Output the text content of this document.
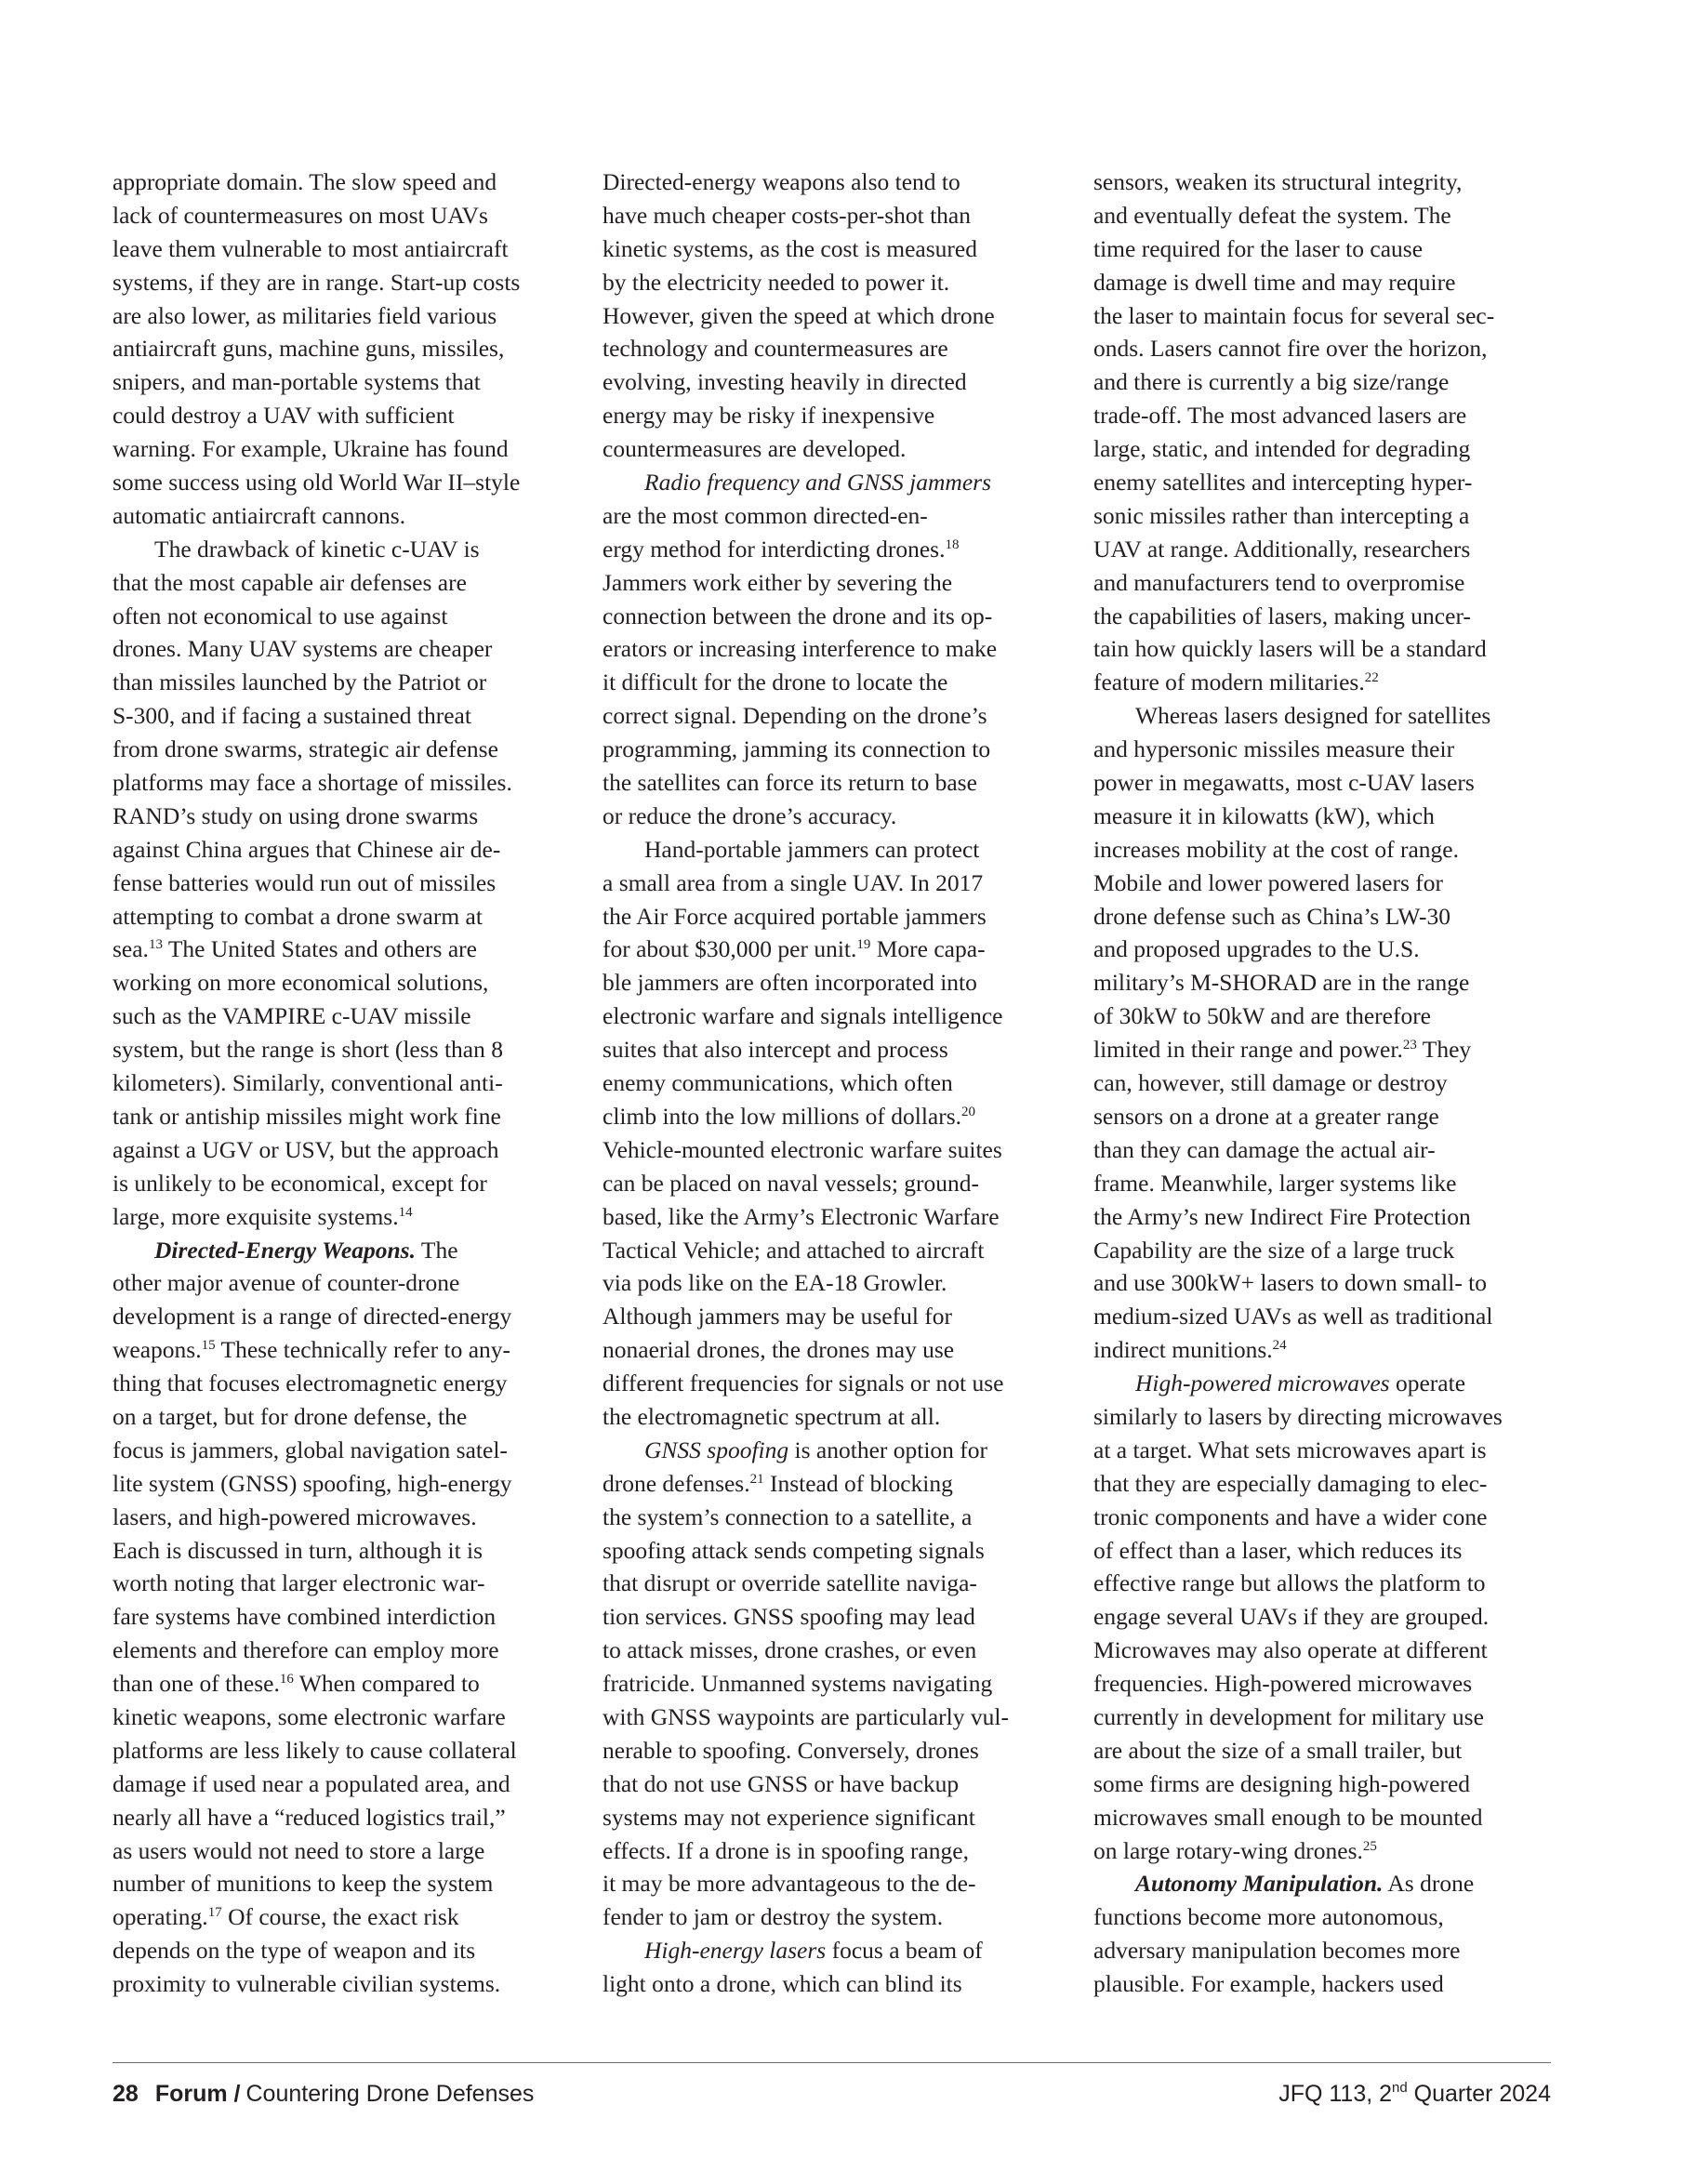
appropriate domain. The slow speed and
lack of countermeasures on most UAVs
leave them vulnerable to most antiaircraft
systems, if they are in range. Start-up costs
are also lower, as militaries field various
antiaircraft guns, machine guns, missiles,
snipers, and man-portable systems that
could destroy a UAV with sufficient
warning. For example, Ukraine has found
some success using old World War II–style
automatic antiaircraft cannons.
The drawback of kinetic c-UAV is
that the most capable air defenses are
often not economical to use against
drones. Many UAV systems are cheaper
than missiles launched by the Patriot or
S-300, and if facing a sustained threat
from drone swarms, strategic air defense
platforms may face a shortage of missiles.
RAND’s study on using drone swarms
against China argues that Chinese air de-
fense batteries would run out of missiles
attempting to combat a drone swarm at
sea.$^{13}$ The United States and others are
working on more economical solutions,
such as the VAMPIRE c-UAV missile
system, but the range is short (less than 8
kilometers). Similarly, conventional anti-
tank or antiship missiles might work fine
against a UGV or USV, but the approach
is unlikely to be economical, except for
large, more exquisite systems.$^{14}$
Directed-Energy Weapons. The
other major avenue of counter-drone
development is a range of directed-energy
weapons.$^{15}$ These technically refer to any-
thing that focuses electromagnetic energy
on a target, but for drone defense, the
focus is jammers, global navigation satel-
lite system (GNSS) spoofing, high-energy
lasers, and high-powered microwaves.
Each is discussed in turn, although it is
worth noting that larger electronic war-
fare systems have combined interdiction
elements and therefore can employ more
than one of these.$^{16}$ When compared to
kinetic weapons, some electronic warfare
platforms are less likely to cause collateral
damage if used near a populated area, and
nearly all have a “reduced logistics trail,”
as users would not need to store a large
number of munitions to keep the system
operating.$^{17}$ Of course, the exact risk
depends on the type of weapon and its
proximity to vulnerable civilian systems.
Directed-energy weapons also tend to
have much cheaper costs-per-shot than
kinetic systems, as the cost is measured
by the electricity needed to power it.
However, given the speed at which drone
technology and countermeasures are
evolving, investing heavily in directed
energy may be risky if inexpensive
countermeasures are developed.
Radio frequency and GNSS jammers
are the most common directed-en-
ergy method for interdicting drones.$^{18}$
Jammers work either by severing the
connection between the drone and its op-
erators or increasing interference to make
it difficult for the drone to locate the
correct signal. Depending on the drone’s
programming, jamming its connection to
the satellites can force its return to base
or reduce the drone’s accuracy.
Hand-portable jammers can protect
a small area from a single UAV. In 2017
the Air Force acquired portable jammers
for about $30,000 per unit.$^{19}$ More capa-
ble jammers are often incorporated into
electronic warfare and signals intelligence
suites that also intercept and process
enemy communications, which often
climb into the low millions of dollars.$^{20}$
Vehicle-mounted electronic warfare suites
can be placed on naval vessels; ground-
based, like the Army’s Electronic Warfare
Tactical Vehicle; and attached to aircraft
via pods like on the EA-18 Growler.
Although jammers may be useful for
nonaerial drones, the drones may use
different frequencies for signals or not use
the electromagnetic spectrum at all.
GNSS spoofing is another option for
drone defenses.$^{21}$ Instead of blocking
the system’s connection to a satellite, a
spoofing attack sends competing signals
that disrupt or override satellite naviga-
tion services. GNSS spoofing may lead
to attack misses, drone crashes, or even
fratricide. Unmanned systems navigating
with GNSS waypoints are particularly vul-
nerable to spoofing. Conversely, drones
that do not use GNSS or have backup
systems may not experience significant
effects. If a drone is in spoofing range,
it may be more advantageous to the de-
fender to jam or destroy the system.
High-energy lasers focus a beam of
light onto a drone, which can blind its
sensors, weaken its structural integrity,
and eventually defeat the system. The
time required for the laser to cause
damage is dwell time and may require
the laser to maintain focus for several sec-
onds. Lasers cannot fire over the horizon,
and there is currently a big size/range
trade-off. The most advanced lasers are
large, static, and intended for degrading
enemy satellites and intercepting hyper-
sonic missiles rather than intercepting a
UAV at range. Additionally, researchers
and manufacturers tend to overpromise
the capabilities of lasers, making uncer-
tain how quickly lasers will be a standard
feature of modern militaries.$^{22}$
Whereas lasers designed for satellites
and hypersonic missiles measure their
power in megawatts, most c-UAV lasers
measure it in kilowatts (kW), which
increases mobility at the cost of range.
Mobile and lower powered lasers for
drone defense such as China’s LW-30
and proposed upgrades to the U.S.
military’s M-SHORAD are in the range
of 30kW to 50kW and are therefore
limited in their range and power.$^{23}$ They
can, however, still damage or destroy
sensors on a drone at a greater range
than they can damage the actual air-
frame. Meanwhile, larger systems like
the Army’s new Indirect Fire Protection
Capability are the size of a large truck
and use 300kW+ lasers to down small- to
medium-sized UAVs as well as traditional
indirect munitions.$^{24}$
High-powered microwaves operate
similarly to lasers by directing microwaves
at a target. What sets microwaves apart is
that they are especially damaging to elec-
tronic components and have a wider cone
of effect than a laser, which reduces its
effective range but allows the platform to
engage several UAVs if they are grouped.
Microwaves may also operate at different
frequencies. High-powered microwaves
currently in development for military use
are about the size of a small trailer, but
some firms are designing high-powered
microwaves small enough to be mounted
on large rotary-wing drones.$^{25}$
Autonomy Manipulation. As drone
functions become more autonomous,
adversary manipulation becomes more
plausible. For example, hackers used
28 Forum / Countering Drone Defenses	JFQ 113, 2nd Quarter 2024
